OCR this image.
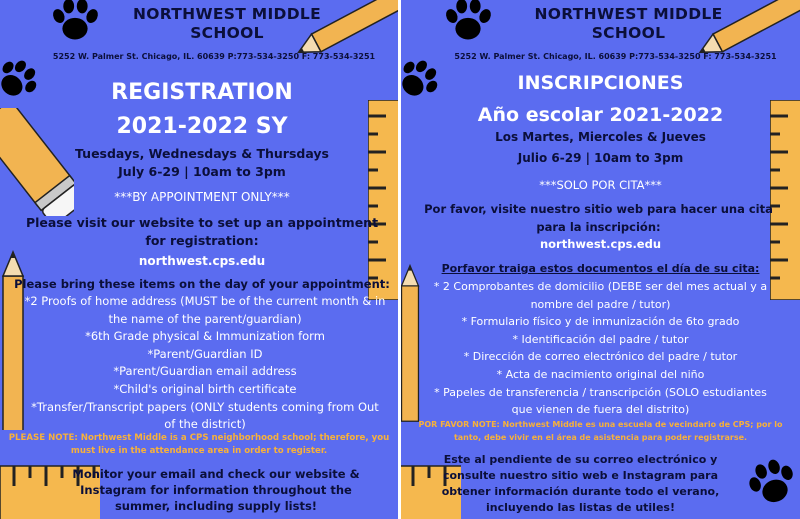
NORTHWEST MIDDLE
SCHOOL
5252 W. Palmer St. Chicago, IL. 60639 P:773-534-3250 F: 773-534-3251
REGISTRATION
2021-2022 SY
Tuesdays, Wednesdays & Thursdays
July 6-29 | 10am to 3pm
***BY APPOINTMENT ONLY***
Please visit our website to set up an appointment
for registration:
northwest.cps.edu
Please bring these items on the day of your appointment:
*2 Proofs of home address (MUST be of the current month & in
the name of the parent/guardian)
*6th Grade physical & Immunization form
*Parent/Guardian ID
*Parent/Guardian email address
*Child's original birth certificate
*Transfer/Transcript papers (ONLY students coming from Out
of the district)
PLEASE NOTE: Northwest Middle is a CPS neighborhood school; therefore, you
must live in the attendance area in order to register.
Monitor your email and check our website &
Instagram for information throughout the
summer, including supply lists!
NORTHWEST MIDDLE
SCHOOL
5252 W. Palmer St. Chicago, IL. 60639 P:773-534-3250 F: 773-534-3251
INSCRIPCIONES
Año escolar 2021-2022
Los Martes, Miercoles & Jueves
Julio 6-29 | 10am to 3pm
***SOLO POR CITA***
Por favor, visite nuestro sitio web para hacer una cita
para la inscripción:
northwest.cps.edu
Porfavor traiga estos documentos el día de su cita:
* 2 Comprobantes de domicilio (DEBE ser del mes actual y a
nombre del padre / tutor)
* Formulario físico y de inmunización de 6to grado
* Identificación del padre / tutor
* Dirección de correo electrónico del padre / tutor
* Acta de nacimiento original del niño
* Papeles de transferencia / transcripción (SOLO estudiantes
que vienen de fuera del distrito)
POR FAVOR NOTE: Northwest Middle es una escuela de vecindario de CPS; por lo
tanto, debe vivir en el área de asistencia para poder registrarse.
Este al pendiente de su correo electrónico y
consulte nuestro sitio web e Instagram para
obtener información durante todo el verano,
incluyendo las listas de utiles!
